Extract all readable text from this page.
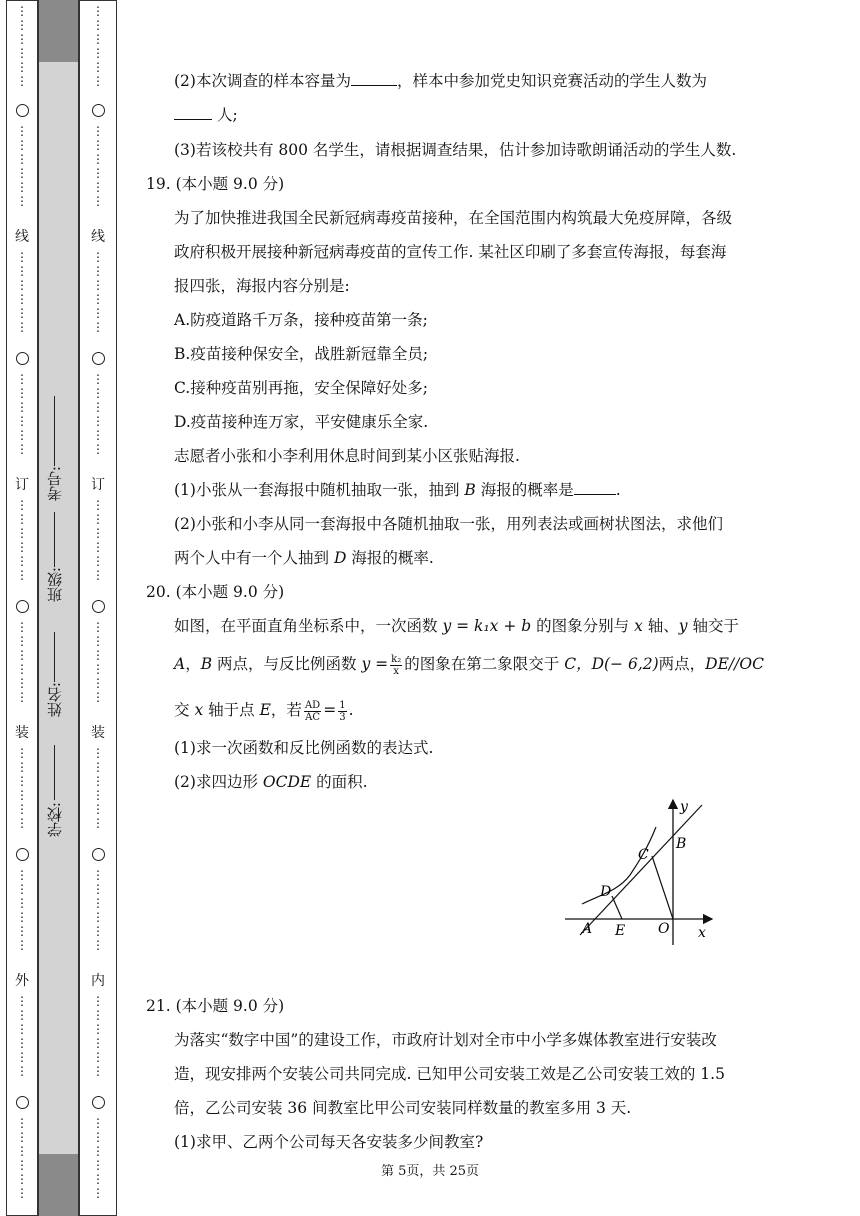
⋮
⋮
⋮
⋮
⋮
⋮
⋮
⋮
⋮
⋮
⋮
⋮
线
⋮
⋮
⋮
⋮
⋮
⋮
⋮
⋮
⋮
⋮
⋮
⋮
订
⋮
⋮
⋮
⋮
⋮
⋮
⋮
⋮
⋮
⋮
⋮
⋮
装
⋮
⋮
⋮
⋮
⋮
⋮
⋮
⋮
⋮
⋮
⋮
⋮
外
⋮
⋮
⋮
⋮
⋮
⋮
⋮
⋮
⋮
⋮
⋮
⋮
⋮
⋮
⋮
⋮
⋮
⋮
⋮
⋮
⋮
⋮
⋮
⋮
线
⋮
⋮
⋮
⋮
⋮
⋮
⋮
⋮
⋮
⋮
⋮
⋮
订
⋮
⋮
⋮
⋮
⋮
⋮
⋮
⋮
⋮
⋮
⋮
⋮
装
⋮
⋮
⋮
⋮
⋮
⋮
⋮
⋮
⋮
⋮
⋮
⋮
内
⋮
⋮
⋮
⋮
⋮
⋮
⋮
⋮
⋮
⋮
⋮
⋮
学校:
姓名:
班级:
考号:
(2)本次调查的样本容量为	，样本中参加党史知识竞赛活动的学生人数为
人;
(3)若该校共有 800 名学生，请根据调查结果，估计参加诗歌朗诵活动的学生人数.
19. (本小题 9.0 分)
为了加快推进我国全民新冠病毒疫苗接种，在全国范围内构筑最大免疫屏障，各级
政府积极开展接种新冠病毒疫苗的宣传工作. 某社区印刷了多套宣传海报，每套海
报四张，海报内容分别是:
A.防疫道路千万条，接种疫苗第一条;
B.疫苗接种保安全，战胜新冠靠全员;
C.接种疫苗别再拖，安全保障好处多;
D.疫苗接种连万家，平安健康乐全家.
志愿者小张和小李利用休息时间到某小区张贴海报.
(1)小张从一套海报中随机抽取一张，抽到 B 海报的概率是	.
(2)小张和小李从同一套海报中各随机抽取一张，用列表法或画树状图法，求他们
两个人中有一个人抽到 D 海报的概率.
20. (本小题 9.0 分)
如图，在平面直角坐标系中，一次函数 y = k₁x + b 的图象分别与 x 轴、y 轴交于
A，B 两点，与反比例函数 $y = \frac{\text{k₂}}{x}$ 的图象在第二象限交于 C，D(− 6,2)两点，DE//OC
交 x 轴于点 E，若 $\frac{AD}{AC} = \frac{1}{3}$ .
(1)求一次函数和反比例函数的表达式.
(2)求四边形 OCDE 的面积.
21. (本小题 9.0 分)
为落实“数字中国”的建设工作，市政府计划对全市中小学多媒体教室进行安装改
造，现安排两个安装公司共同完成. 已知甲公司安装工效是乙公司安装工效的 1.5
倍，乙公司安装 36 间教室比甲公司安装同样数量的教室多用 3 天.
(1)求甲、乙两个公司每天各安装多少间教室?
y
x
O
A E
D
C
B
第 5页，共 25页
